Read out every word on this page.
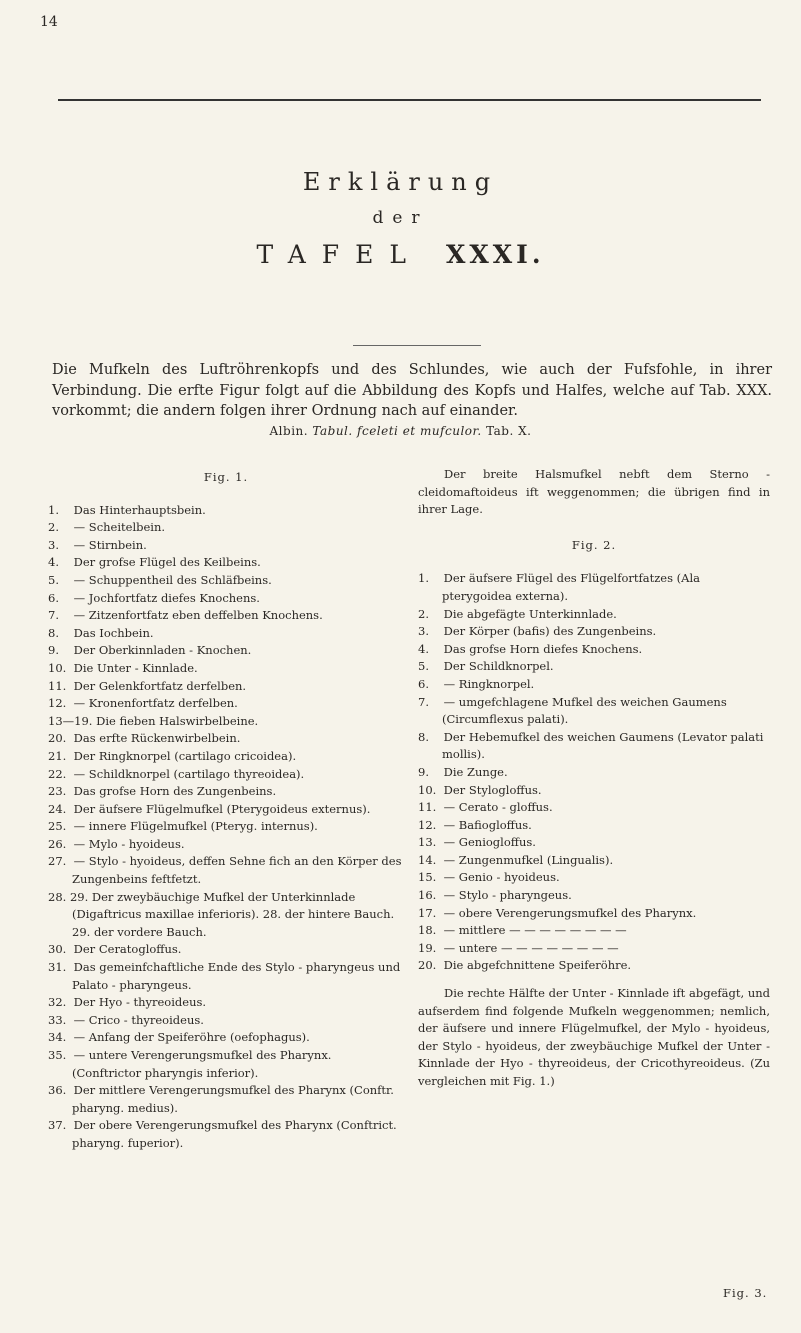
14

Erklärung

der

TAFEL XXXI.

Die Mufkeln des Luftröhrenkopfs und des Schlundes, wie auch der Fufsfohle, in ihrer Verbindung. Die erfte Figur folgt auf die Abbildung des Kopfs und Halfes, welche auf Tab. XXX. vorkommt; die andern folgen ihrer Ordnung nach auf einander.

Albin. Tabul. fceleti et mufculor. Tab. X.

Fig. 1.

1. Das Hinterhauptsbein.

2. — Scheitelbein.

3. — Stirnbein.

4. Der grofse Flügel des Keilbeins.

5. — Schuppentheil des Schläfbeins.

6. — Jochfortfatz diefes Knochens.

7. — Zitzenfortfatz eben deffelben Knochens.

8. Das Iochbein.

9. Der Oberkinnladen - Knochen.

10. Die Unter - Kinnlade.

11. Der Gelenkfortfatz derfelben.

12. — Kronenfortfatz derfelben.

13—19. Die fieben Halswirbelbeine.

20. Das erfte Rückenwirbelbein.

21. Der Ringknorpel (cartilago cricoidea).

22. — Schildknorpel (cartilago thyreoidea).

23. Das grofse Horn des Zungenbeins.

24. Der äufsere Flügelmufkel (Pterygoideus externus).

25. — innere Flügelmufkel (Pteryg. internus).

26. — Mylo - hyoideus.

27. — Stylo - hyoideus, deffen Sehne fich an den Körper des Zungenbeins feftfetzt.

28. 29. Der zweybäuchige Mufkel der Unterkinnlade (Digaftricus maxillae inferioris). 28. der hintere Bauch. 29. der vordere Bauch.

30. Der Ceratogloffus.

31. Das gemeinfchaftliche Ende des Stylo - pharyngeus und Palato - pharyngeus.

32. Der Hyo - thyreoideus.

33. — Crico - thyreoideus.

34. — Anfang der Speiferöhre (oefophagus).

35. — untere Verengerungsmufkel des Pharynx. (Conftrictor pharyngis inferior).

36. Der mittlere Verengerungsmufkel des Pharynx (Conftr. pharyng. medius).

37. Der obere Verengerungsmufkel des Pharynx (Conftrict. pharyng. fuperior).

Der breite Halsmufkel nebft dem Sterno - cleidomaftoideus ift weggenommen; die übrigen find in ihrer Lage.

Fig. 2.

1. Der äufsere Flügel des Flügelfortfatzes (Ala pterygoidea externa).

2. Die abgefägte Unterkinnlade.

3. Der Körper (bafis) des Zungenbeins.

4. Das grofse Horn diefes Knochens.

5. Der Schildknorpel.

6. — Ringknorpel.

7. — umgefchlagene Mufkel des weichen Gaumens (Circumflexus palati).

8. Der Hebemufkel des weichen Gaumens (Levator palati mollis).

9. Die Zunge.

10. Der Stylogloffus.

11. — Cerato - gloffus.

12. — Bafiogloffus.

13. — Geniogloffus.

14. — Zungenmufkel (Lingualis).

15. — Genio - hyoideus.

16. — Stylo - pharyngeus.

17. — obere Verengerungsmufkel des Pharynx.

18. — mittlere — — — — — — — —

19. — untere — — — — — — — —

20. Die abgefchnittene Speiferöhre.

Die rechte Hälfte der Unter - Kinnlade ift abgefägt, und aufserdem find folgende Mufkeln weggenommen; nemlich, der äufsere und innere Flügelmufkel, der Mylo - hyoideus, der Stylo - hyoideus, der zweybäuchige Mufkel der Unter - Kinnlade der Hyo - thyreoideus, der Cricothyreoideus. (Zu vergleichen mit Fig. 1.)

Fig. 3.
